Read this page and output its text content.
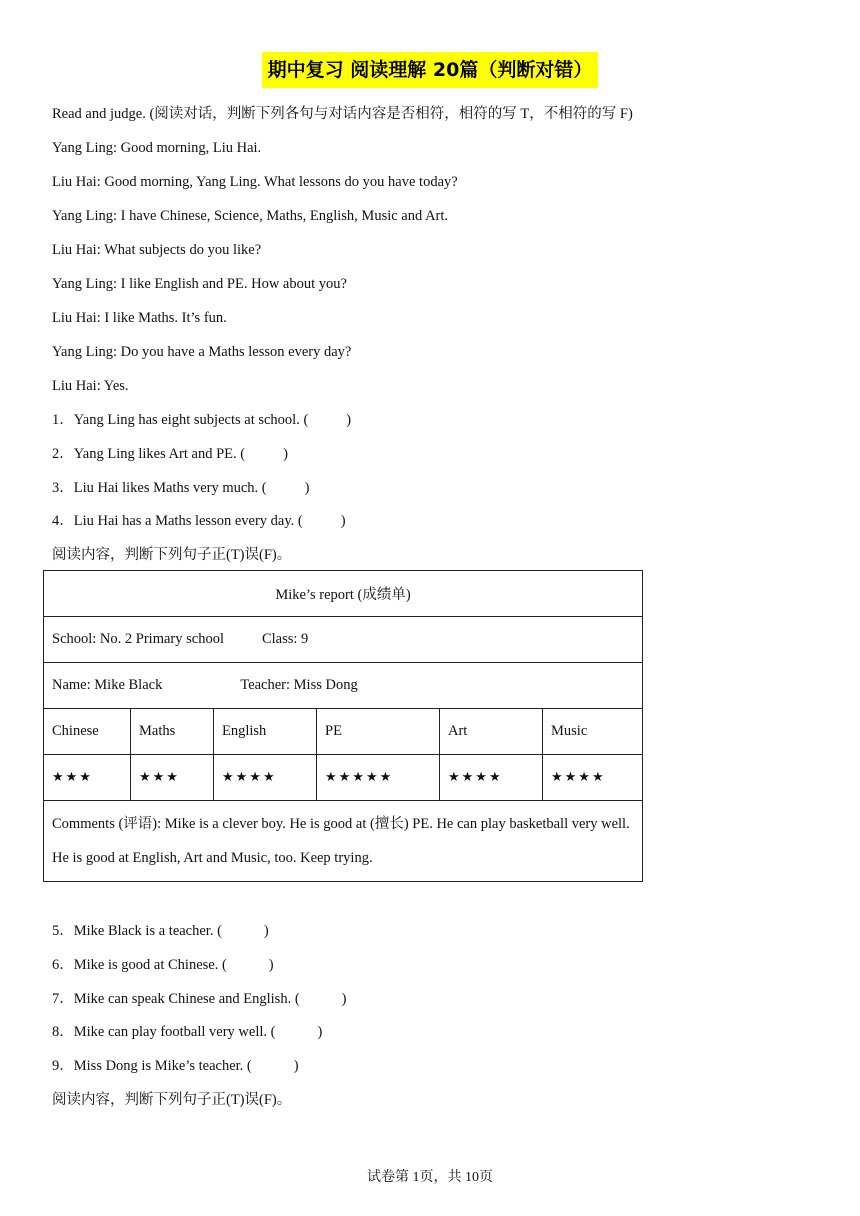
期中复习 阅读理解 20篇（判断对错）
Read and judge. (阅读对话，判断下列各句与对话内容是否相符，相符的写 T，不相符的写 F)
Yang Ling: Good morning, Liu Hai.
Liu Hai: Good morning, Yang Ling. What lessons do you have today?
Yang Ling: I have Chinese, Science, Maths, English, Music and Art.
Liu Hai: What subjects do you like?
Yang Ling: I like English and PE. How about you?
Liu Hai: I like Maths. It’s fun.
Yang Ling: Do you have a Maths lesson every day?
Liu Hai: Yes.
1．Yang Ling has eight subjects at school. (	)
2．Yang Ling likes Art and PE. (	)
3．Liu Hai likes Maths very much. (	)
4．Liu Hai has a Maths lesson every day. (	)
阅读内容，判断下列句子正(T)误(F)。
Mike’s report (成绩单)					
School: No. 2 Primary school Class: 9					
Name: Mike Black Teacher: Miss Dong					
Chinese	Maths	English	PE	Art	Music
★★★	★★★	★★★★	★★★★★	★★★★	★★★★
Comments (评语): Mike is a clever boy. He is good at (擅长) PE. He can play basketball very well. He is good at English, Art and Music, too. Keep trying.					
5．Mike Black is a teacher. (	)
6．Mike is good at Chinese. (	)
7．Mike can speak Chinese and English. (	)
8．Mike can play football very well. (	)
9．Miss Dong is Mike’s teacher. (	)
阅读内容，判断下列句子正(T)误(F)。
试卷第 1页，共 10页
